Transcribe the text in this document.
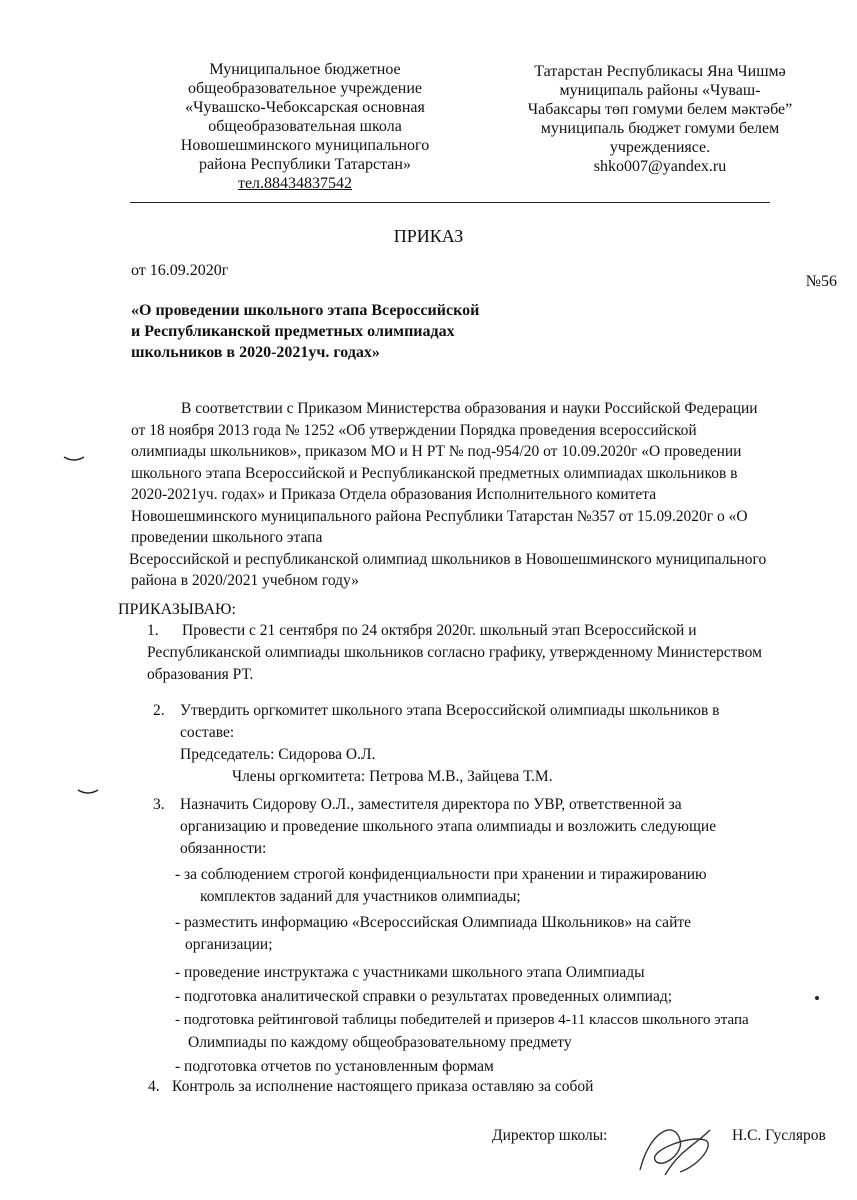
Муниципальное бюджетное
общеобразовательное учреждение
«Чувашско-Чебоксарская основная
общеобразовательная школа
Новошешминского муниципального
района Республики Татарстан»
тел.88434837542
Татарстан Республикасы Яна Чишмә
муниципаль районы «Чуваш-
Чабаксары төп гомуми белем мәктәбе”
муниципаль бюджет гомуми белем
учреждениясе.
shko007@yandex.ru
ПРИКАЗ
от 16.09.2020г
№56
«О проведении школьного этапа Всероссийской
и Республиканской предметных олимпиадах
школьников в 2020-2021уч. годах»
В соответствии с Приказом Министерства образования и науки Российской Федерации
от 18 ноября 2013 года № 1252 «Об утверждении Порядка проведения всероссийской
олимпиады школьников», приказом МО и Н РТ № под-954/20 от 10.09.2020г «О проведении
школьного этапа Всероссийской и Республиканской предметных олимпиадах школьников в
2020-2021уч. годах» и Приказа Отдела образования Исполнительного комитета
Новошешминского муниципального района Республики Татарстан №357 от 15.09.2020г о «О
проведении школьного этапа
Всероссийской и республиканской олимпиад школьников в Новошешминского муниципального
района в 2020/2021 учебном году»
ПРИКАЗЫВАЮ:
1. Провести с 21 сентября по 24 октября 2020г. школьный этап Всероссийской и
Республиканской олимпиады школьников согласно графику, утвержденному Министерством
образования РТ.
2. Утвердить оргкомитет школьного этапа Всероссийской олимпиады школьников в
составе:
Председатель: Сидорова О.Л.
Члены оргкомитета: Петрова М.В., Зайцева Т.М.
3. Назначить Сидорову О.Л., заместителя директора по УВР, ответственной за
организацию и проведение школьного этапа олимпиады и возложить следующие
обязанности:
- за соблюдением строгой конфиденциальности при хранении и тиражированию
комплектов заданий для участников олимпиады;
- разместить информацию «Всероссийская Олимпиада Школьников» на сайте
организации;
- проведение инструктажа с участниками школьного этапа Олимпиады
- подготовка аналитической справки о результатах проведенных олимпиад;
- подготовка рейтинговой таблицы победителей и призеров 4-11 классов школьного этапа
Олимпиады по каждому общеобразовательному предмету
- подготовка отчетов по установленным формам
4. Контроль за исполнение настоящего приказа оставляю за собой
Директор школы:	Н.С. Гусляров
